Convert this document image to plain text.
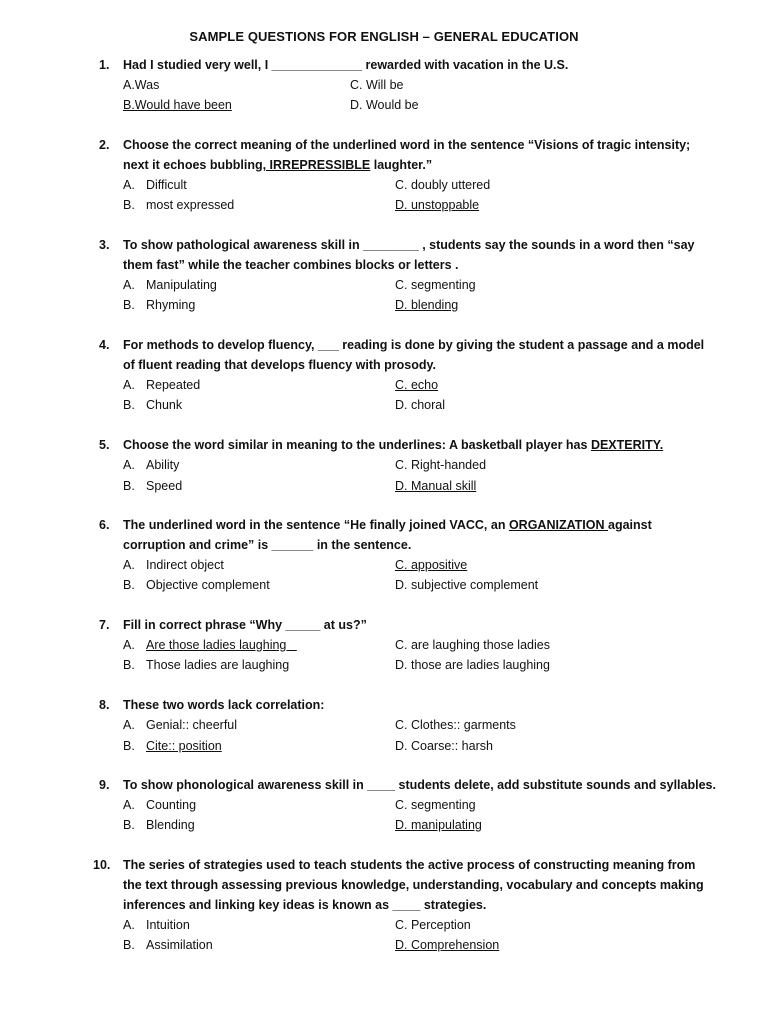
SAMPLE QUESTIONS FOR ENGLISH – GENERAL EDUCATION
1.	Had I studied very well, I _____________ rewarded with vacation in the U.S.
A.Was	C. Will be
B.Would have been	D. Would be
2.	Choose the correct meaning of the underlined word in the sentence “Visions of tragic intensity;
next it echoes bubbling, IRREPRESSIBLE laughter.”
A. Difficult	C. doubly uttered
B. most expressed	D. unstoppable
3.	To show pathological awareness skill in ________ , students say the sounds in a word then “say
them fast” while the teacher combines blocks or letters .
A. Manipulating	C. segmenting
B. Rhyming	D. blending
4.	For methods to develop fluency, ___ reading is done by giving the student a passage and a model
of fluent reading that develops fluency with prosody.
A. Repeated	C. echo
B. Chunk	D. choral
5.	Choose the word similar in meaning to the underlines: A basketball player has DEXTERITY.
A. Ability	C. Right-handed
B. Speed	D. Manual skill
6.	The underlined word in the sentence “He finally joined VACC, an ORGANIZATION against
corruption and crime” is ______ in the sentence.
A. Indirect object	C. appositive
B. Objective complement	D. subjective complement
7.	Fill in correct phrase “Why _____ at us?”
A. Are those ladies laughing	C. are laughing those ladies
B. Those ladies are laughing	D. those are ladies laughing
8.	These two words lack correlation:
A. Genial:: cheerful	C. Clothes:: garments
B. Cite:: position	D. Coarse:: harsh
9.	To show phonological awareness skill in ____ students delete, add substitute sounds and syllables.
A. Counting	C. segmenting
B. Blending	D. manipulating
10. The series of strategies used to teach students the active process of constructing meaning from
the text through assessing previous knowledge, understanding, vocabulary and concepts making
inferences and linking key ideas is known as ____ strategies.
A. Intuition	C. Perception
B. Assimilation	D. Comprehension
